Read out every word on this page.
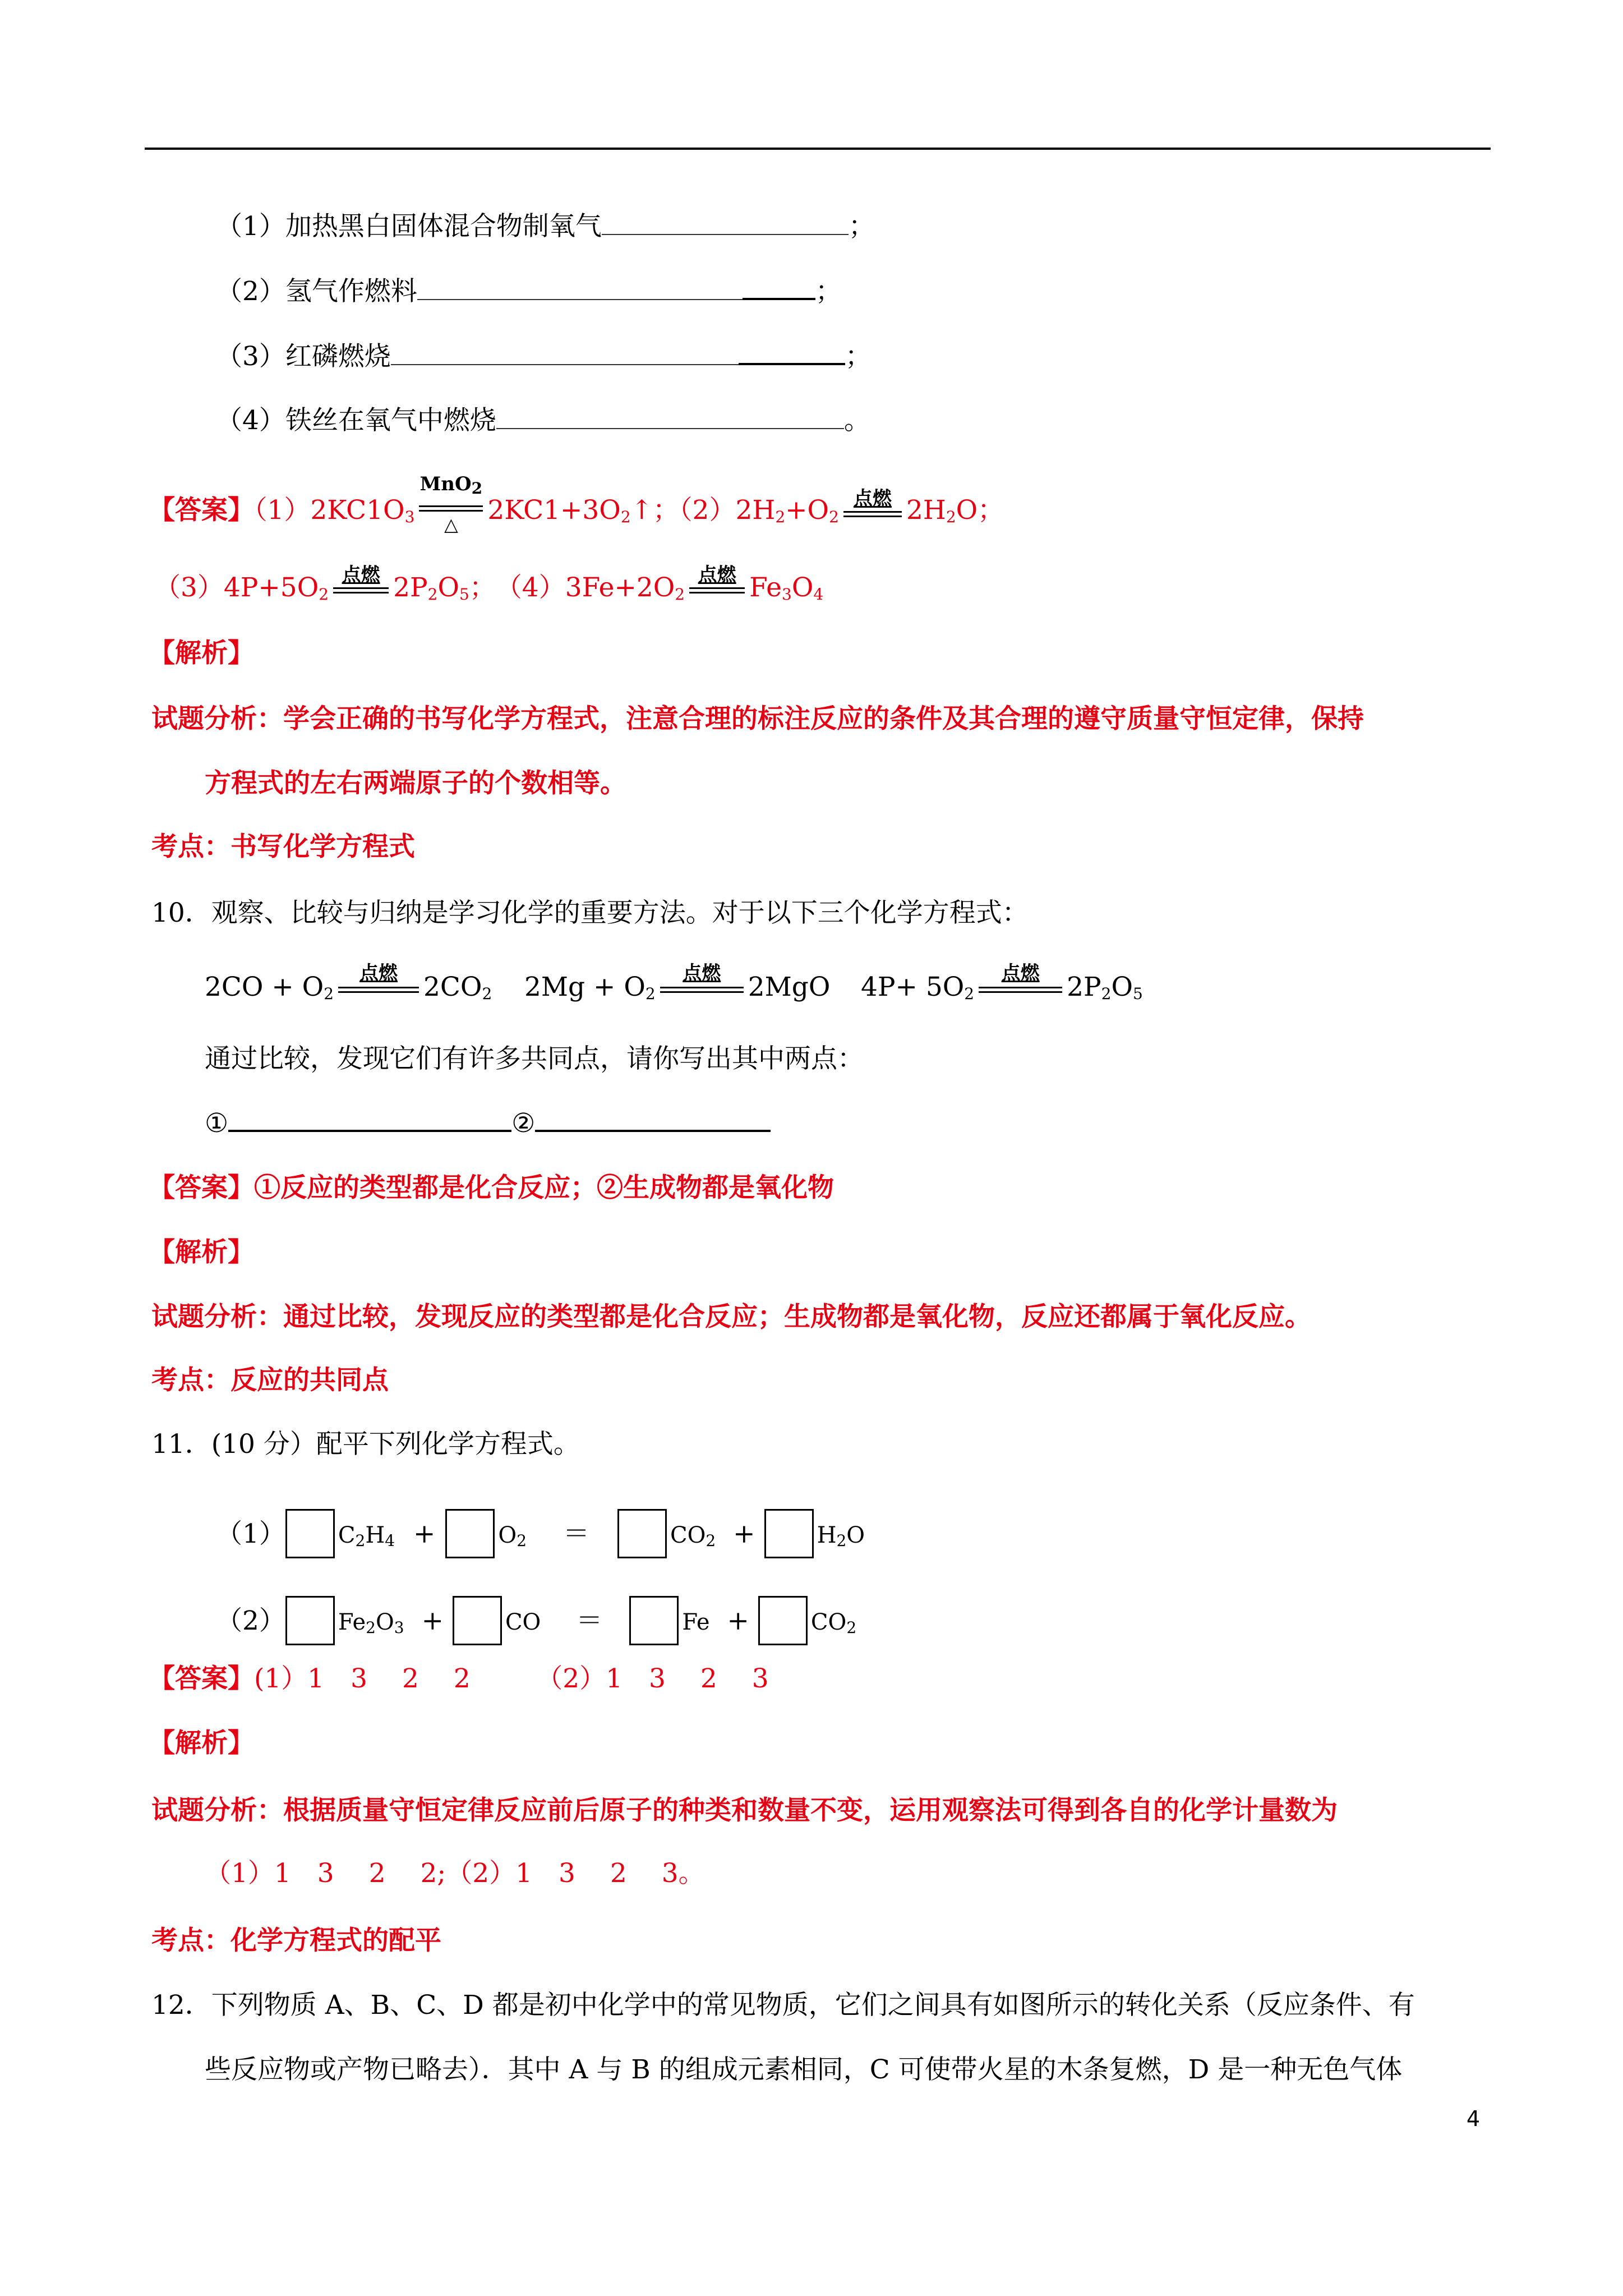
（1）加热黑白固体混合物制氧气	；
（2）氢气作燃料	；
（3）红磷燃烧	；
（4）铁丝在氧气中燃烧	。
【答案】$(1)2KC1O_3$
MnO$_2$
△	$2KC1+3O_2↑$；$(2)2H_2+O_2$
点燃 $2H_2O$；
$(3)4P+5O_2$
点燃 $2P_2O_5$；　$(4)3Fe+2O_2$
点燃 $Fe_3O_4$
【解析】
试题分析：学会正确的书写化学方程式，注意合理的标注反应的条件及其合理的遵守质量守恒定律，保持
方程式的左右两端原子的个数相等。
考点：书写化学方程式
10．观察、比较与归纳是学习化学的重要方法。对于以下三个化学方程式：
$2CO + O_2$
点燃 $2CO_2$ $2Mg + O_2$
点燃	2MgO $4P+ 5O_2$
点燃	$2P_2O_5$
通过比较，发现它们有许多共同点，请你写出其中两点：
①	②
【答案】①反应的类型都是化合反应；②生成物都是氧化物
【解析】
试题分析：通过比较，发现反应的类型都是化合反应；生成物都是氧化物，反应还都属于氧化反应。
考点：反应的共同点
11．(10 分）配平下列化学方程式。
（1） $C_2H_4$ +	$O_2$ ＝	$CO_2$ +	$H_2O$
（2） $Fe_2O_3$ +	CO ＝	Fe +	$CO_2$
【答案】(1）1　3　 2　 2　　　（2）1　3　 2　 3
【解析】
试题分析：根据质量守恒定律反应前后原子的种类和数量不变，运用观察法可得到各自的化学计量数为
（1）1　3　 2　 2;（2）1　3　 2　 3。
考点：化学方程式的配平
12．下列物质 A、B、C、D 都是初中化学中的常见物质，它们之间具有如图所示的转化关系（反应条件、有
些反应物或产物已略去）．其中 A 与 B 的组成元素相同，C 可使带火星的木条复燃，D 是一种无色气体
4
